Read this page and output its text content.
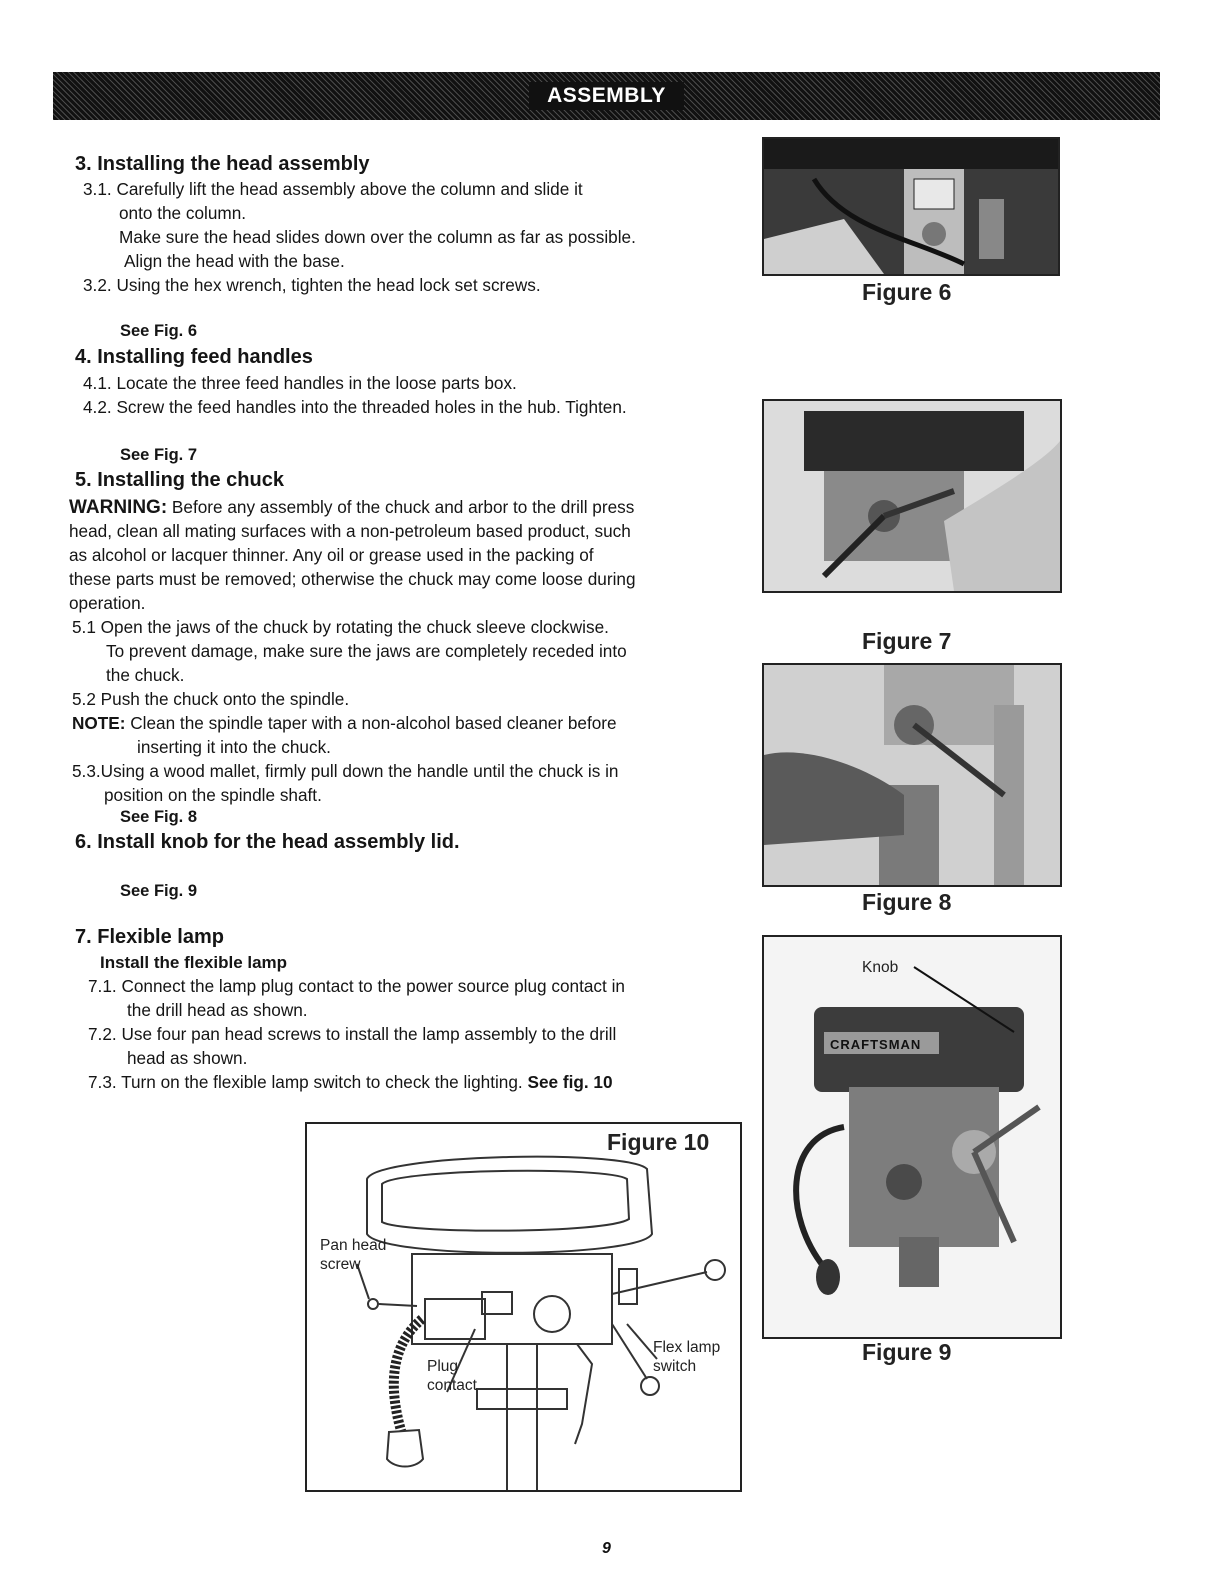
ASSEMBLY
3. Installing the head assembly
3.1. Carefully lift the head assembly above the column and slide it
onto the column.
Make sure the head slides down over the column as far as possible.
Align the head with the base.
3.2. Using the hex wrench, tighten the head lock set screws.
See Fig. 6
4. Installing feed handles
4.1. Locate the three feed handles in the loose parts box.
4.2. Screw the feed handles into the threaded holes in the hub. Tighten.
See Fig. 7
5. Installing the chuck
WARNING: Before any assembly of the chuck and arbor to the drill press
head, clean all mating surfaces with a non-petroleum based product, such
as alcohol or lacquer thinner. Any oil or grease used in the packing of
these parts must be removed; otherwise the chuck may come loose during
operation.
5.1 Open the jaws of the chuck by rotating the chuck sleeve clockwise.
To prevent damage, make sure the jaws are completely receded into
the chuck.
5.2 Push the chuck onto the spindle.
NOTE: Clean the spindle taper with a non-alcohol based cleaner before
inserting it into the chuck.
5.3.Using a wood mallet, firmly pull down the handle until the chuck is in
position on the spindle shaft.
See Fig. 8
6. Install knob for the head assembly lid.
See Fig. 9
7. Flexible lamp
Install the flexible lamp
7.1. Connect the lamp plug contact to the power source plug contact in
the drill head as shown.
7.2. Use four pan head screws to install the lamp assembly to the drill
head as shown.
7.3. Turn on the flexible lamp switch to check the lighting. See fig. 10
Figure 6
Figure 7
Figure 8
Knob
CRAFTSMAN
Figure 9
Figure 10
Pan head
screw
Plug
contact
Flex lamp
switch
9
